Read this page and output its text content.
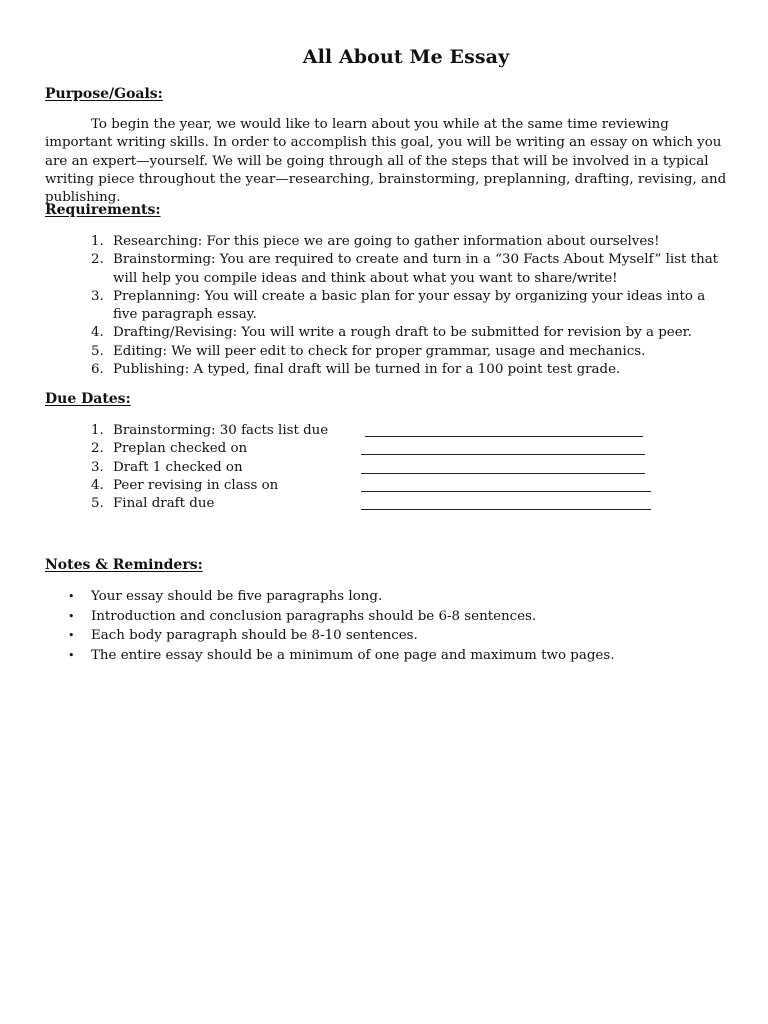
All About Me Essay
Purpose/Goals:

To begin the year, we would like to learn about you while at the same time reviewing important writing skills. In order to accomplish this goal, you will be writing an essay on which you are an expert—yourself. We will be going through all of the steps that will be involved in a typical writing piece throughout the year—researching, brainstorming, preplanning, drafting, revising, and publishing.

Requirements:
1. Researching: For this piece we are going to gather information about ourselves!
2. Brainstorming: You are required to create and turn in a “30 Facts About Myself” list that will help you compile ideas and think about what you want to share/write!
3. Preplanning: You will create a basic plan for your essay by organizing your ideas into a five paragraph essay.
4. Drafting/Revising: You will write a rough draft to be submitted for revision by a peer.
5. Editing: We will peer edit to check for proper grammar, usage and mechanics.
6. Publishing: A typed, final draft will be turned in for a 100 point test grade.
Due Dates:
1. Brainstorming: 30 facts list due
2. Preplan checked on
3. Draft 1 checked on
4. Peer revising in class on
5. Final draft due
Notes & Reminders:
• Your essay should be five paragraphs long.
• Introduction and conclusion paragraphs should be 6-8 sentences.
• Each body paragraph should be 8-10 sentences.
• The entire essay should be a minimum of one page and maximum two pages.
